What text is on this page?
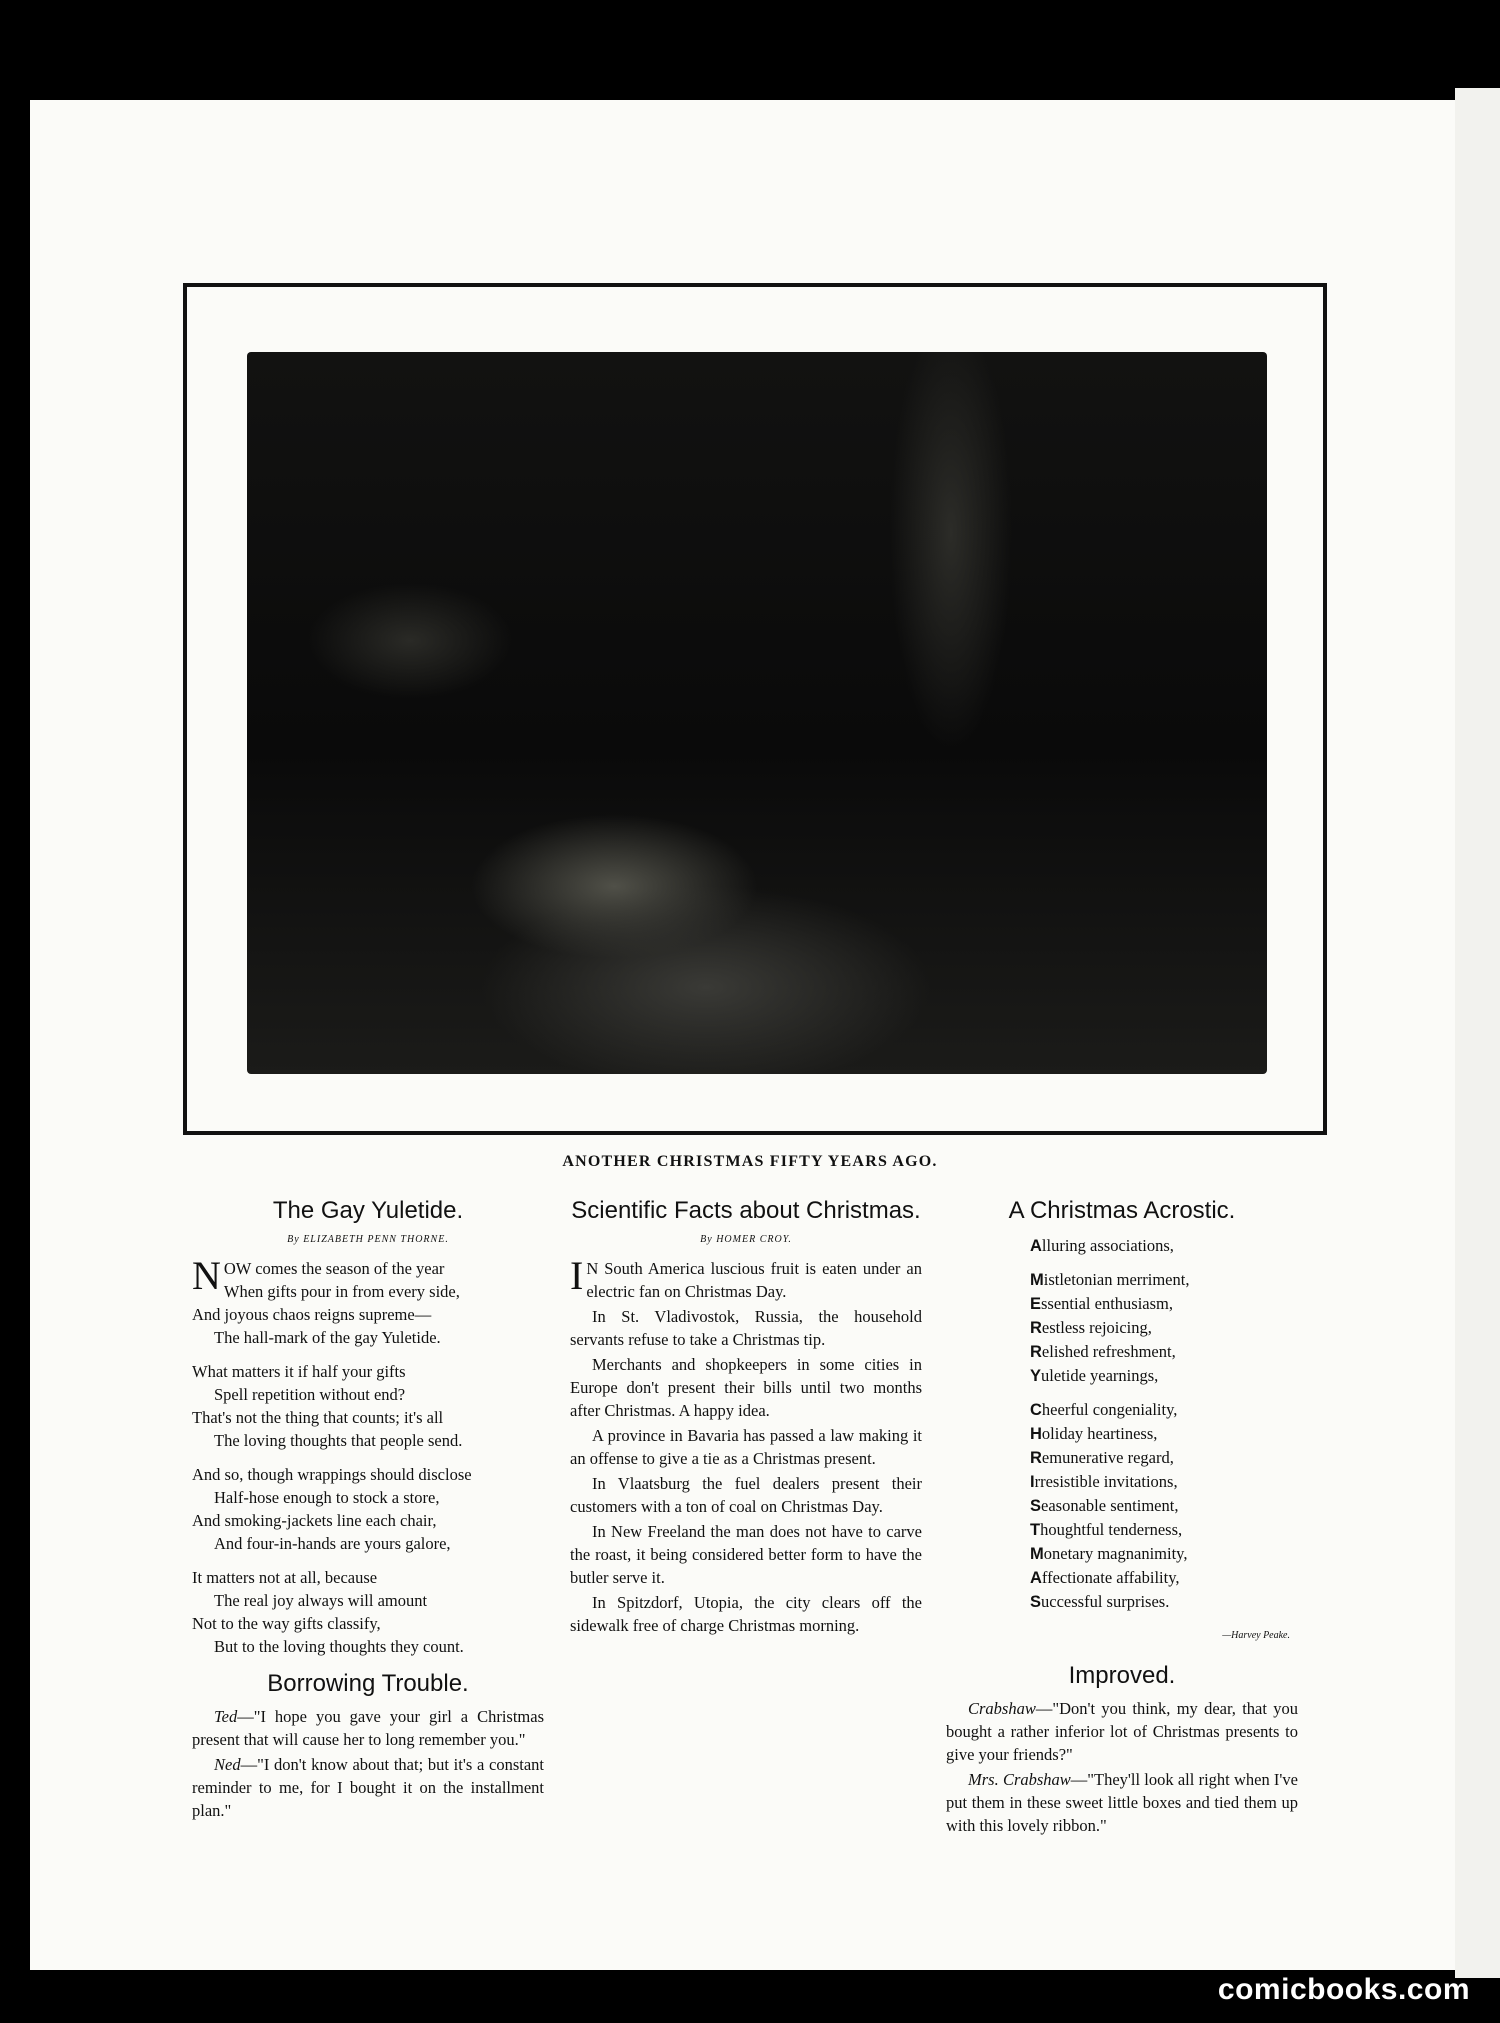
ANOTHER CHRISTMAS FIFTY YEARS AGO.
The Gay Yuletide.
By ELIZABETH PENN THORNE.
N OW comes the season of the year
When gifts pour in from every side,
And joyous chaos reigns supreme—
The hall-mark of the gay Yuletide.
What matters it if half your gifts
Spell repetition without end?
That's not the thing that counts; it's all
The loving thoughts that people send.
And so, though wrappings should disclose
Half-hose enough to stock a store,
And smoking-jackets line each chair,
And four-in-hands are yours galore,
It matters not at all, because
The real joy always will amount
Not to the way gifts classify,
But to the loving thoughts they count.
Borrowing Trouble.

Ted—"I hope you gave your girl a Christmas present that will cause her to long remember you."

Ned—"I don't know about that; but it's a constant reminder to me, for I bought it on the installment plan."

Scientific Facts about Christmas.
By HOMER CROY.

I N South America luscious fruit is eaten under an electric fan on Christmas Day.

In St. Vladivostok, Russia, the household servants refuse to take a Christmas tip.

Merchants and shopkeepers in some cities in Europe don't present their bills until two months after Christmas. A happy idea.

A province in Bavaria has passed a law making it an offense to give a tie as a Christmas present.

In Vlaatsburg the fuel dealers present their customers with a ton of coal on Christmas Day.

In New Freeland the man does not have to carve the roast, it being considered better form to have the butler serve it.

In Spitzdorf, Utopia, the city clears off the sidewalk free of charge Christmas morning.

A Christmas Acrostic.
Alluring associations,
Mistletonian merriment,
Essential enthusiasm,
Restless rejoicing,
Relished refreshment,
Yuletide yearnings,
Cheerful congeniality,
Holiday heartiness,
Remunerative regard,
Irresistible invitations,
Seasonable sentiment,
Thoughtful tenderness,
Monetary magnanimity,
Affectionate affability,
Successful surprises.
—Harvey Peake.
Improved.

Crabshaw—"Don't you think, my dear, that you bought a rather inferior lot of Christmas presents to give your friends?"

Mrs. Crabshaw—"They'll look all right when I've put them in these sweet little boxes and tied them up with this lovely ribbon."

comicbooks.com
